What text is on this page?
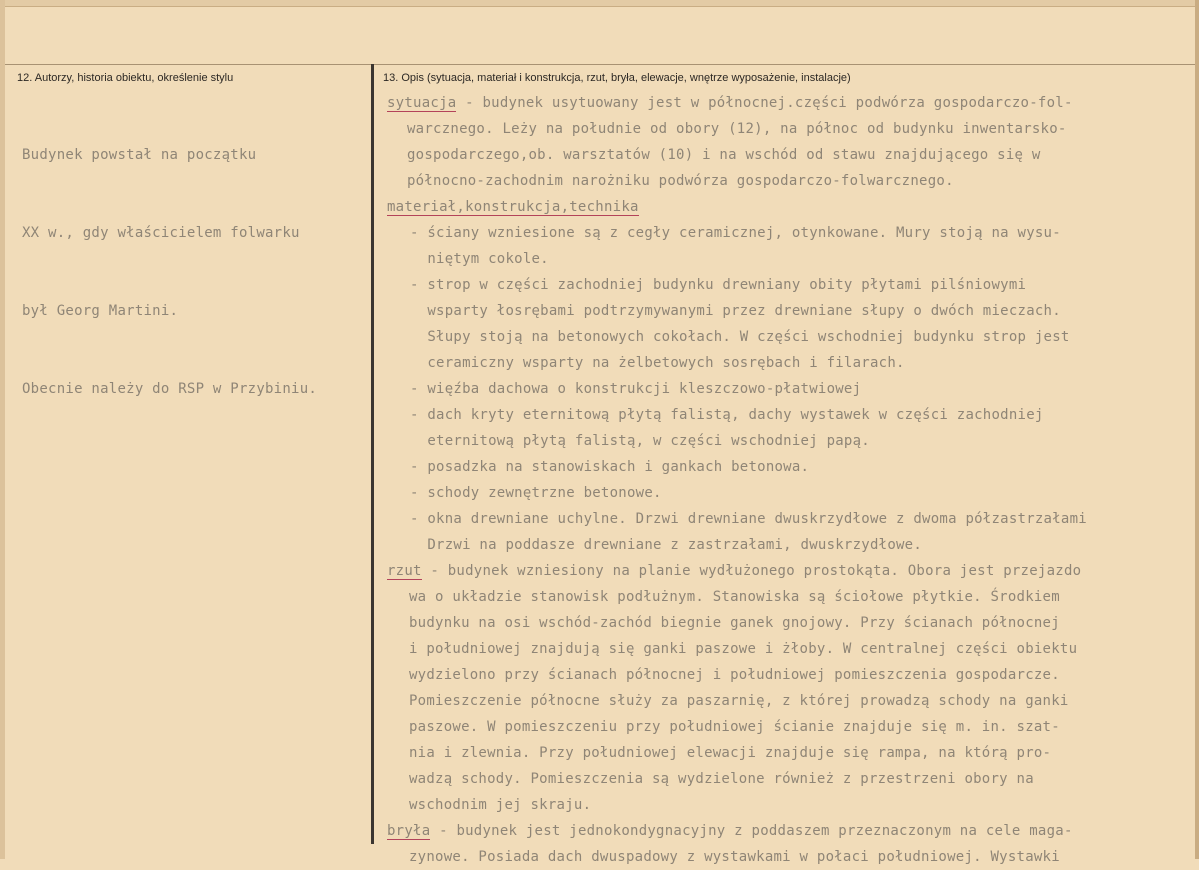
12. Autorzy, historia obiektu, określenie stylu	13. Opis (sytuacja, materiał i konstrukcja, rzut, bryła, elewacje, wnętrze wyposażenie, instalacje)

Budynek powstał na początku

XX w., gdy właścicielem folwarku

był Georg Martini.

Obecnie należy do RSP w Przybiniu.

sytuacja - budynek usytuowany jest w północnej.części podwórza gospodarczo-fol-
warcznego. Leży na południe od obory (12), na północ od budynku inwentarsko-
gospodarczego,ob. warsztatów (10) i na wschód od stawu znajdującego się w
północno-zachodnim narożniku podwórza gospodarczo-folwarcznego.
materiał,konstrukcja,technika
- ściany wzniesione są z cegły ceramicznej, otynkowane. Mury stoją na wysu-
niętym cokole.
- strop w części zachodniej budynku drewniany obity płytami pilśniowymi
wsparty łosrębami podtrzymywanymi przez drewniane słupy o dwóch mieczach.
Słupy stoją na betonowych cokołach. W części wschodniej budynku strop jest
ceramiczny wsparty na żelbetowych sosrębach i filarach.
- więźba dachowa o konstrukcji kleszczowo-płatwiowej
- dach kryty eternitową płytą falistą, dachy wystawek w części zachodniej
eternitową płytą falistą, w części wschodniej papą.
- posadzka na stanowiskach i gankach betonowa.
- schody zewnętrzne betonowe.
- okna drewniane uchylne. Drzwi drewniane dwuskrzydłowe z dwoma półzastrzałami
Drzwi na poddasze drewniane z zastrzałami, dwuskrzydłowe.
rzut - budynek wzniesiony na planie wydłużonego prostokąta. Obora jest przejazdo
wa o układzie stanowisk podłużnym. Stanowiska są ściołowe płytkie. Środkiem
budynku na osi wschód-zachód biegnie ganek gnojowy. Przy ścianach północnej
i południowej znajdują się ganki paszowe i żłoby. W centralnej części obiektu
wydzielono przy ścianach północnej i południowej pomieszczenia gospodarcze.
Pomieszczenie północne służy za paszarnię, z której prowadzą schody na ganki
paszowe. W pomieszczeniu przy południowej ścianie znajduje się m. in. szat-
nia i zlewnia. Przy południowej elewacji znajduje się rampa, na którą pro-
wadzą schody. Pomieszczenia są wydzielone również z przestrzeni obory na
wschodnim jej skraju.
bryła - budynek jest jednokondygnacyjny z poddaszem przeznaczonym na cele maga-
zynowe. Posiada dach dwuspadowy z wystawkami w połaci południowej. Wystawki
